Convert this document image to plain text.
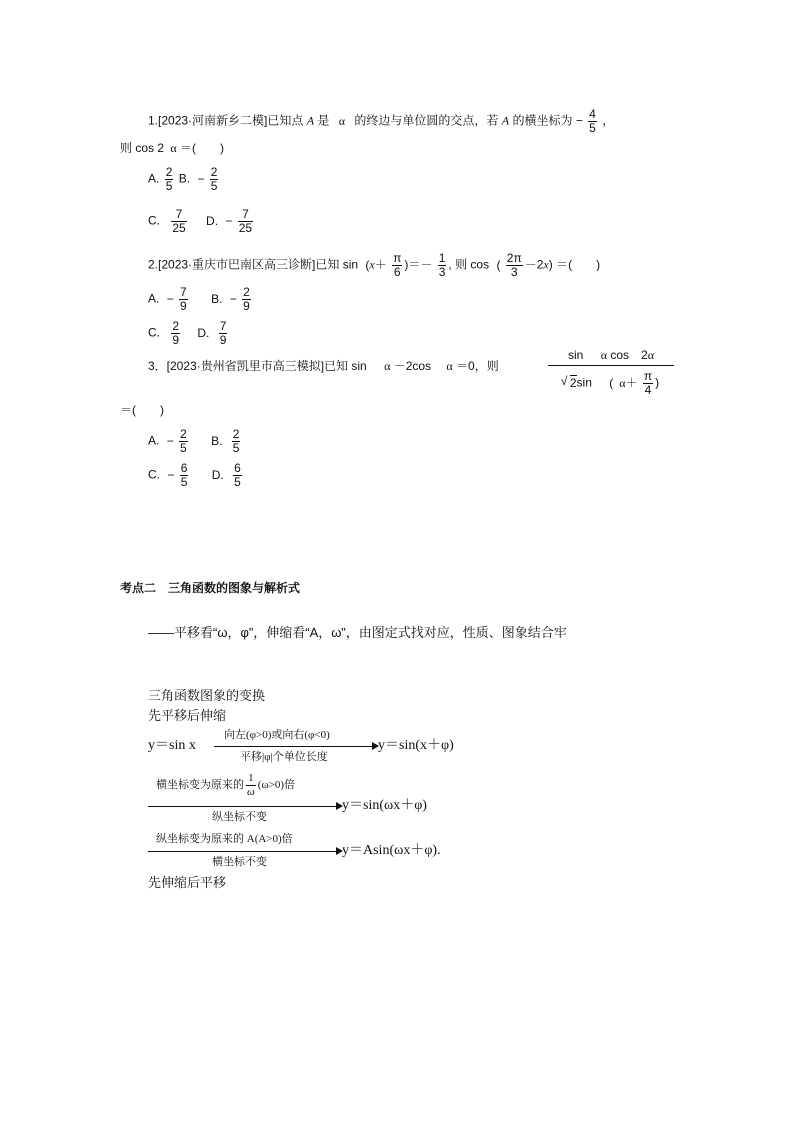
1.[2023·河南新乡二模]已知点 A 是 α 的终边与单位圆的交点，若 A 的横坐标为 − $\frac{4}{5}$ ，
则 cos 2 α ＝(　　)
A. $\frac{2}{5} B$. − $\frac{2}{5}$
C. $\frac{7}{25} D$. − $\frac{7}{25}$
2.[2023·重庆市巴南区高三诊断]已知 $\sin (x+ \frac{\pi}{6}$ )＝－ $\frac{1}{3}$ , 则 cos ( $\frac{2\pi}{3} -2x$) ＝(　　)
A. − $\frac{7}{9} B$. − $\frac{2}{9}$
C. $\frac{2}{9} D$. $\frac{7}{9}$
3．[2023·贵州省凯里市高三模拟]已知 sin α －2cos α ＝0，则	sin α cos　2α
√ 2sin ( $\alpha+ \frac{\pi}{4}$ )
＝(　　)
A. − $\frac{2}{5} B$. $\frac{2}{5}$
C. − $\frac{6}{5} D$. $\frac{6}{5}$
考点二　三角函数的图象与解析式
——平移看“ω，φ”，伸缩看“A，ω”，由图定式找对应，性质、图象结合牢
三角函数图象的变换
先平移后伸缩
y＝sin x
向左(φ>0)或向右(φ<0)
平移|φ|个单位长度
y＝sin(x＋φ)
横坐标变为原来的 $\frac{1}{\omega} (\omega>0)$倍
纵坐标不变
y＝sin(ωx＋φ)
纵坐标变为原来的 A(A>0)倍
横坐标不变
y＝Asin(ωx＋φ).
先伸缩后平移
